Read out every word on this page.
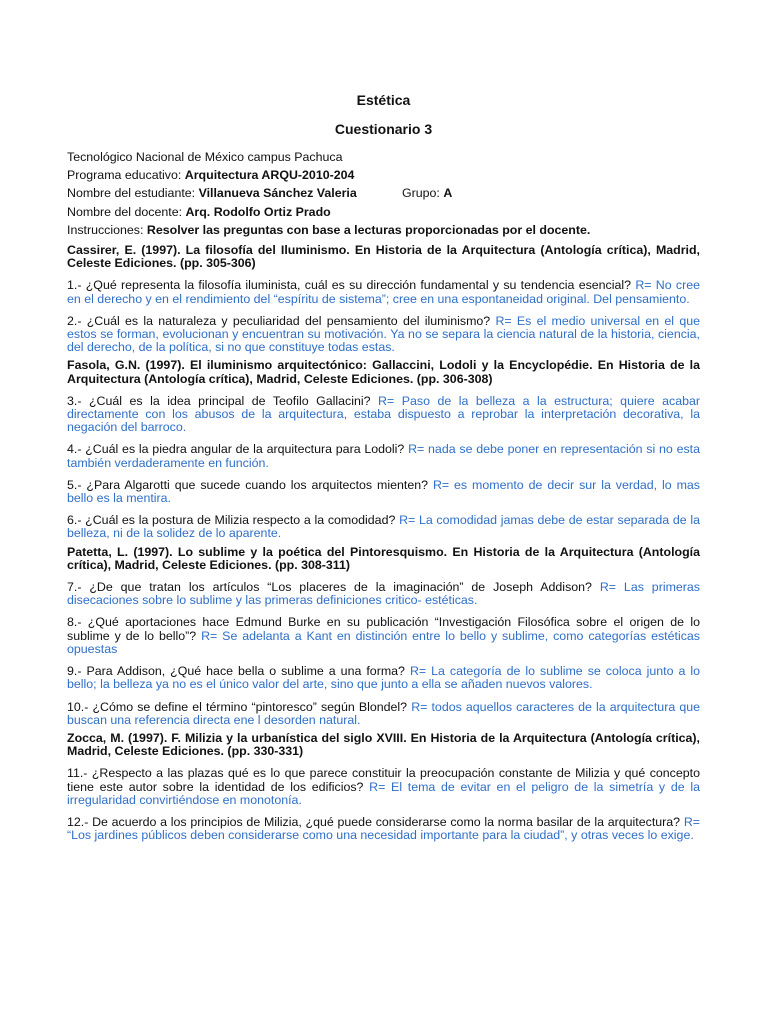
Estética
Cuestionario 3
Tecnológico Nacional de México campus Pachuca
Programa educativo: Arquitectura ARQU-2010-204
Nombre del estudiante: Villanueva Sánchez Valeria	Grupo: A
Nombre del docente: Arq. Rodolfo Ortiz Prado
Instrucciones: Resolver las preguntas con base a lecturas proporcionadas por el docente.

Cassirer, E. (1997). La filosofía del Iluminismo. En Historia de la Arquitectura (Antología crítica), Madrid, Celeste Ediciones. (pp. 305-306)

1.- ¿Qué representa la filosofía iluminista, cuál es su dirección fundamental y su tendencia esencial? R= No cree en el derecho y en el rendimiento del “espíritu de sistema”; cree en una espontaneidad original. Del pensamiento.

2.- ¿Cuál es la naturaleza y peculiaridad del pensamiento del iluminismo? R= Es el medio universal en el que estos se forman, evolucionan y encuentran su motivación. Ya no se separa la ciencia natural de la historia, ciencia, del derecho, de la política, si no que constituye todas estas.

Fasola, G.N. (1997). El iluminismo arquitectónico: Gallaccini, Lodoli y la Encyclopédie. En Historia de la Arquitectura (Antología crítica), Madrid, Celeste Ediciones. (pp. 306-308)

3.- ¿Cuál es la idea principal de Teofilo Gallacini? R= Paso de la belleza a la estructura; quiere acabar directamente con los abusos de la arquitectura, estaba dispuesto a reprobar la interpretación decorativa, la negación del barroco.

4.- ¿Cuál es la piedra angular de la arquitectura para Lodoli? R= nada se debe poner en representación si no esta también verdaderamente en función.

5.- ¿Para Algarotti que sucede cuando los arquitectos mienten? R= es momento de decir sur la verdad, lo mas bello es la mentira.

6.- ¿Cuál es la postura de Milizia respecto a la comodidad? R= La comodidad jamas debe de estar separada de la belleza, ni de la solidez de lo aparente.

Patetta, L. (1997). Lo sublime y la poética del Pintoresquismo. En Historia de la Arquitectura (Antología crítica), Madrid, Celeste Ediciones. (pp. 308-311)

7.- ¿De que tratan los artículos “Los placeres de la imaginación” de Joseph Addison? R= Las primeras disecaciones sobre lo sublime y las primeras definiciones critico- estéticas.

8.- ¿Qué aportaciones hace Edmund Burke en su publicación “Investigación Filosófica sobre el origen de lo sublime y de lo bello”? R= Se adelanta a Kant en distinción entre lo bello y sublime, como categorías estéticas opuestas

9.- Para Addison, ¿Qué hace bella o sublime a una forma? R= La categoría de lo sublime se coloca junto a lo bello; la belleza ya no es el único valor del arte, sino que junto a ella se añaden nuevos valores.

10.- ¿Cómo se define el término “pintoresco” según Blondel? R= todos aquellos caracteres de la arquitectura que buscan una referencia directa ene l desorden natural.

Zocca, M. (1997). F. Milizia y la urbanística del siglo XVIII. En Historia de la Arquitectura (Antología crítica), Madrid, Celeste Ediciones. (pp. 330-331)

11.- ¿Respecto a las plazas qué es lo que parece constituir la preocupación constante de Milizia y qué concepto tiene este autor sobre la identidad de los edificios? R= El tema de evitar en el peligro de la simetría y de la irregularidad convirtiéndose en monotonía.

12.- De acuerdo a los principios de Milizia, ¿qué puede considerarse como la norma basilar de la arquitectura? R= “Los jardines públicos deben considerarse como una necesidad importante para la ciudad”, y otras veces lo exige.
